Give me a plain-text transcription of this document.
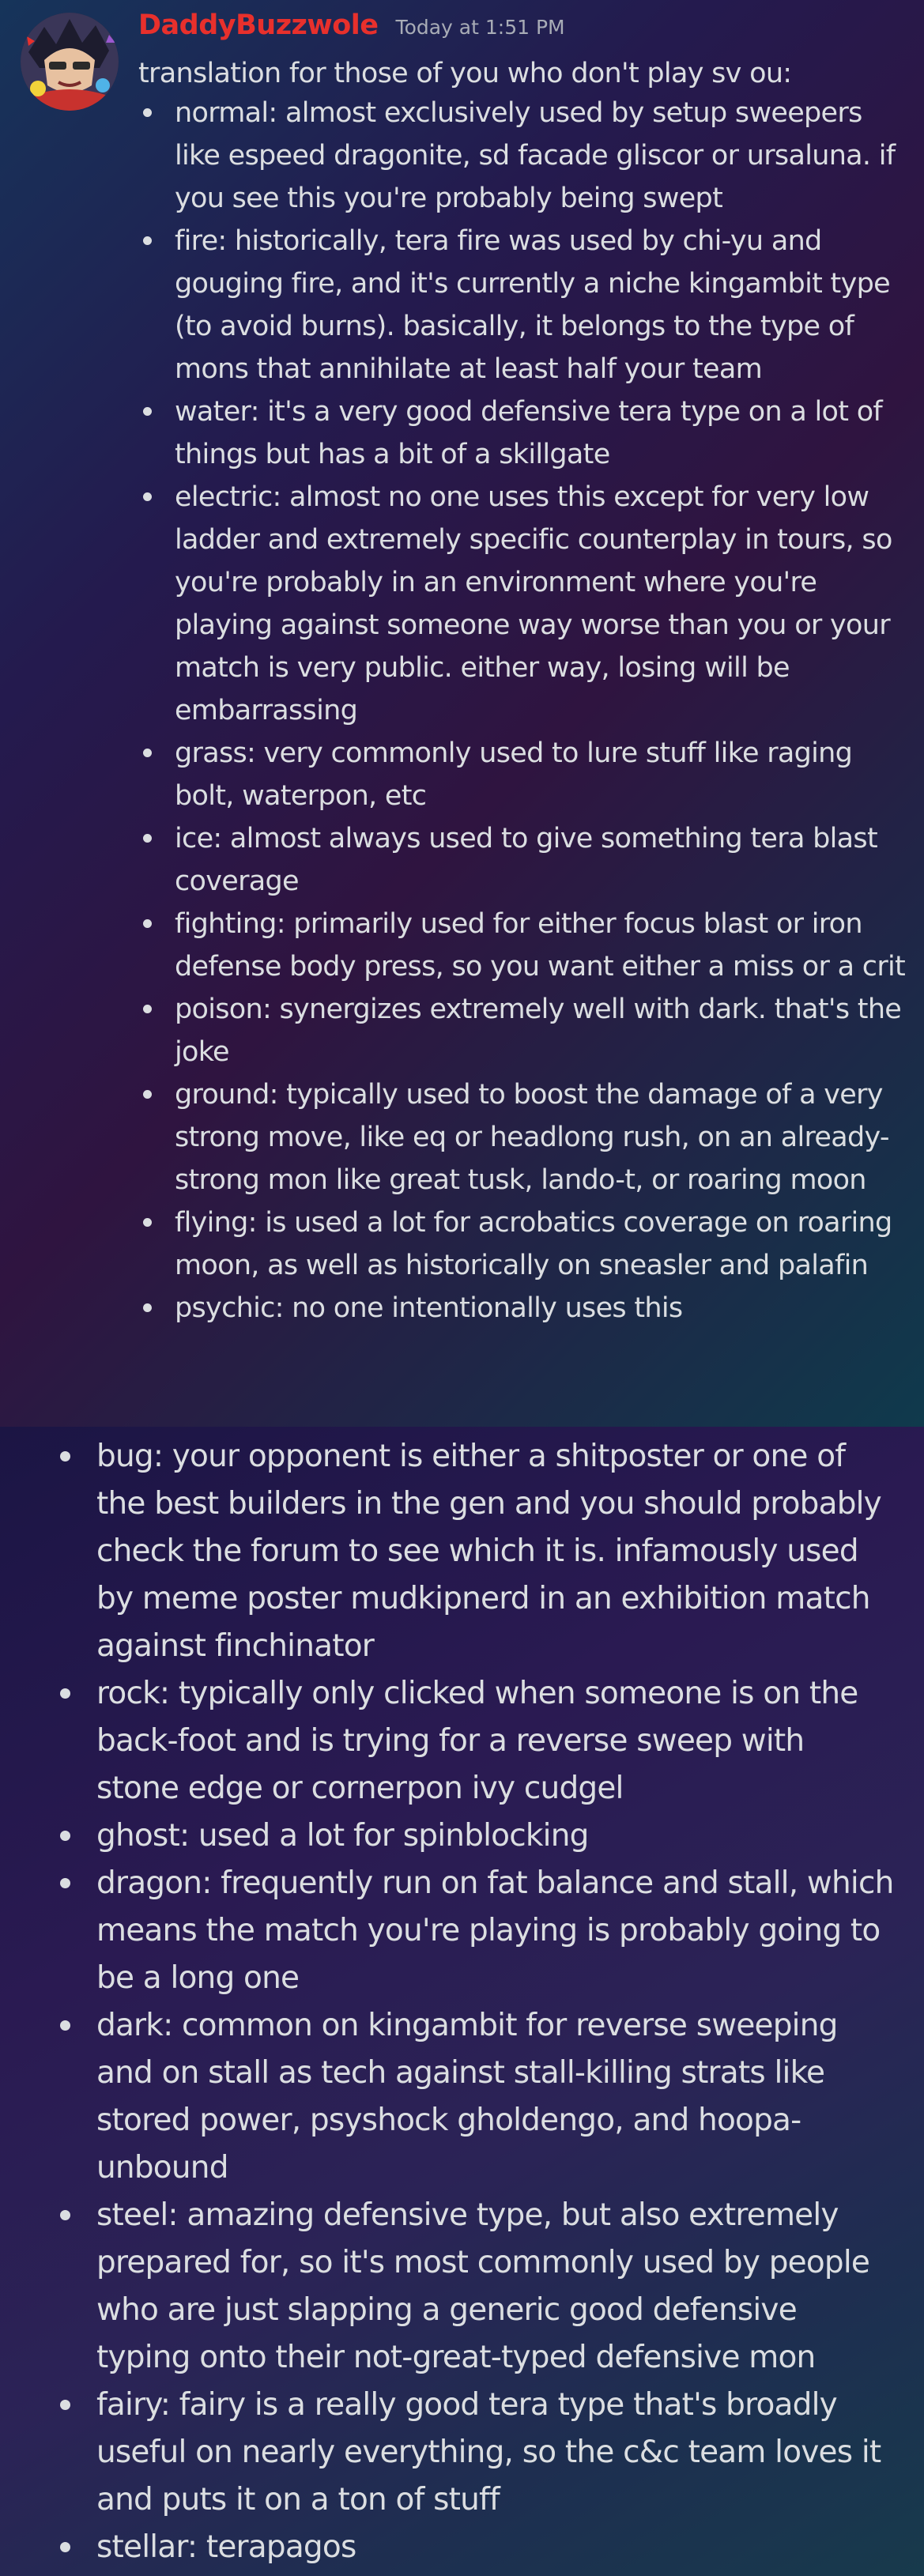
DaddyBuzzwole Today at 1:51 PM
translation for those of you who don't play sv ou:
normal: almost exclusively used by setup sweepers like espeed dragonite, sd facade gliscor or ursaluna. if you see this you're probably being swept
fire: historically, tera fire was used by chi-yu and gouging fire, and it's currently a niche kingambit type (to avoid burns). basically, it belongs to the type of mons that annihilate at least half your team
water: it's a very good defensive tera type on a lot of things but has a bit of a skillgate
electric: almost no one uses this except for very low ladder and extremely specific counterplay in tours, so you're probably in an environment where you're playing against someone way worse than you or your match is very public. either way, losing will be embarrassing
grass: very commonly used to lure stuff like raging bolt, waterpon, etc
ice: almost always used to give something tera blast coverage
fighting: primarily used for either focus blast or iron defense body press, so you want either a miss or a crit
poison: synergizes extremely well with dark. that's the joke
ground: typically used to boost the damage of a very strong move, like eq or headlong rush, on an already-strong mon like great tusk, lando-t, or roaring moon
flying: is used a lot for acrobatics coverage on roaring moon, as well as historically on sneasler and palafin
psychic: no one intentionally uses this
bug: your opponent is either a shitposter or one of the best builders in the gen and you should probably check the forum to see which it is. infamously used by meme poster mudkipnerd in an exhibition match against finchinator
rock: typically only clicked when someone is on the back-foot and is trying for a reverse sweep with stone edge or cornerpon ivy cudgel
ghost: used a lot for spinblocking
dragon: frequently run on fat balance and stall, which means the match you're playing is probably going to be a long one
dark: common on kingambit for reverse sweeping and on stall as tech against stall-killing strats like stored power, psyshock gholdengo, and hoopa-unbound
steel: amazing defensive type, but also extremely prepared for, so it's most commonly used by people who are just slapping a generic good defensive typing onto their not-great-typed defensive mon
fairy: fairy is a really good tera type that's broadly useful on nearly everything, so the c&c team loves it and puts it on a ton of stuff
stellar: terapagos
